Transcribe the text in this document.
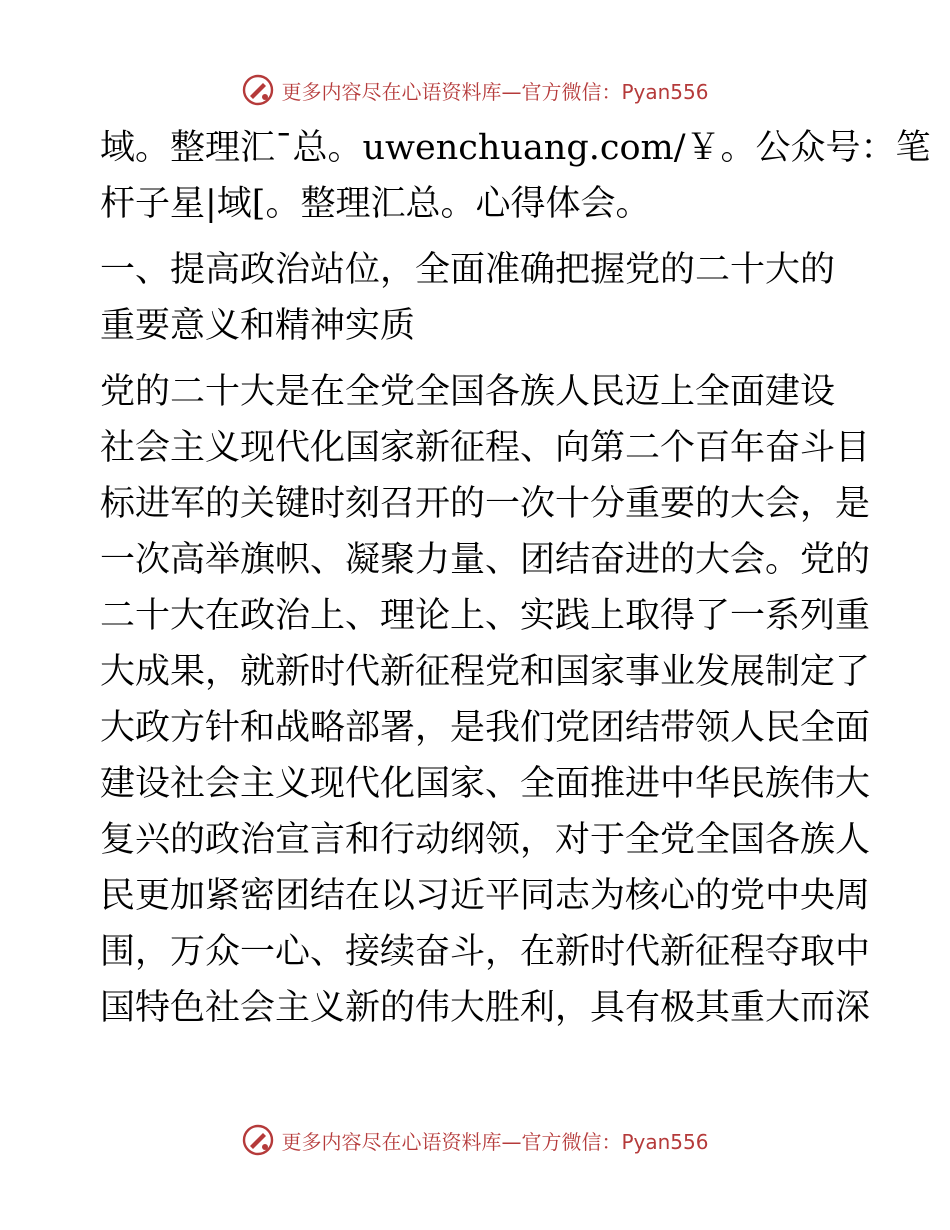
更多内容尽在心语资料库—官方微信：Pyan556
域。整理汇¯总。uwenchuang.com/￥。公众号：笔
杆子星|域[。整理汇总。心得体会。
一、提高政治站位，全面准确把握党的二十大的
重要意义和精神实质
党的二十大是在全党全国各族人民迈上全面建设
社会主义现代化国家新征程、向第二个百年奋斗目
标进军的关键时刻召开的一次十分重要的大会，是
一次高举旗帜、凝聚力量、团结奋进的大会。党的
二十大在政治上、理论上、实践上取得了一系列重
大成果，就新时代新征程党和国家事业发展制定了
大政方针和战略部署，是我们党团结带领人民全面
建设社会主义现代化国家、全面推进中华民族伟大
复兴的政治宣言和行动纲领，对于全党全国各族人
民更加紧密团结在以习近平同志为核心的党中央周
围，万众一心、接续奋斗，在新时代新征程夺取中
国特色社会主义新的伟大胜利，具有极其重大而深
更多内容尽在心语资料库—官方微信：Pyan556
